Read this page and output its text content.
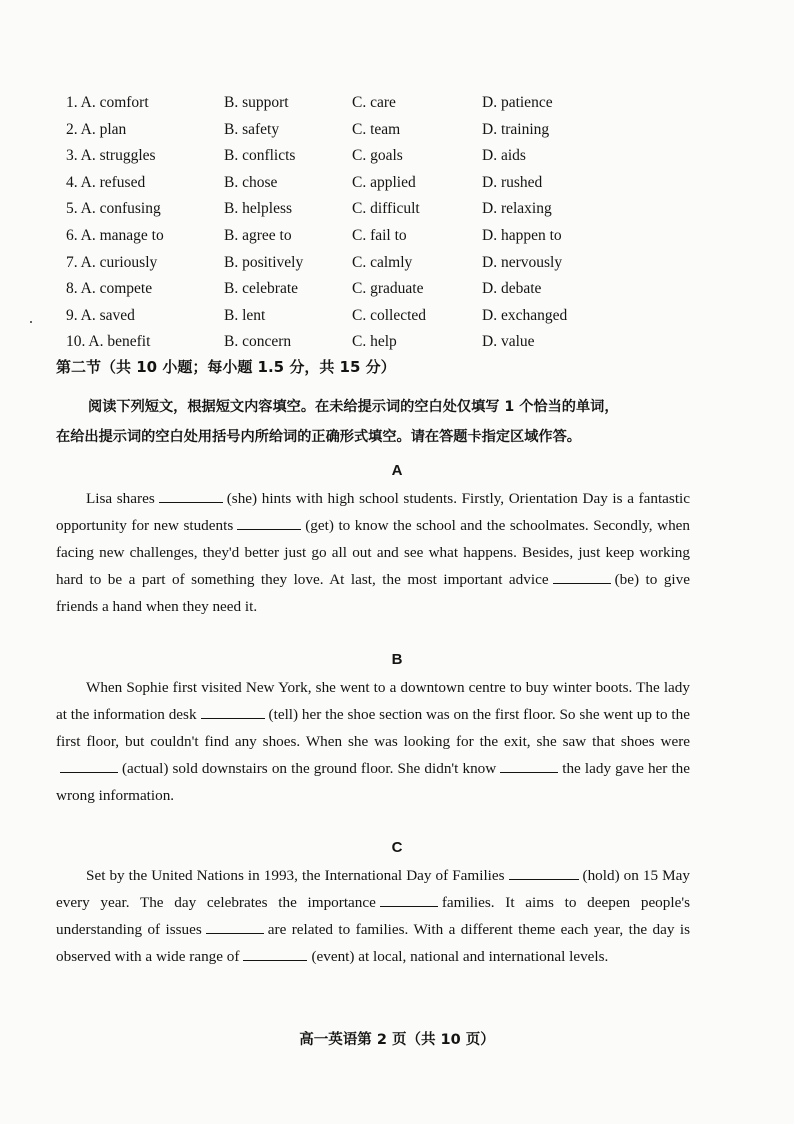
1. A. comfort	B. support	C. care	D. patience
2. A. plan	B. safety	C. team	D. training
3. A. struggles	B. conflicts	C. goals	D. aids
4. A. refused	B. chose	C. applied	D. rushed
5. A. confusing	B. helpless	C. difficult	D. relaxing
6. A. manage to	B. agree to	C. fail to	D. happen to
7. A. curiously	B. positively	C. calmly	D. nervously
8. A. compete	B. celebrate	C. graduate	D. debate
9. A. saved	B. lent	C. collected	D. exchanged
10. A. benefit	B. concern	C. help	D. value
第二节（共 10 小题；每小题 1.5 分，共 15 分）
阅读下列短文，根据短文内容填空。在未给提示词的空白处仅填写 1 个恰当的单词，
在给出提示词的空白处用括号内所给词的正确形式填空。请在答题卡指定区域作答。
A

Lisa shares	(she) hints with high school students. Firstly, Orientation Day is a fantastic opportunity for new students	(get) to know the school and the schoolmates. Secondly, when facing new challenges, they'd better just go all out and see what happens. Besides, just keep working hard to be a part of something they love. At last, the most important advice	(be) to give friends a hand when they need it.

B

When Sophie first visited New York, she went to a downtown centre to buy winter boots. The lady at the information desk	(tell) her the shoe section was on the first floor. So she went up to the first floor, but couldn't find any shoes. When she was looking for the exit, she saw that shoes were(actual) sold downstairs on the ground floor. She didn't know	the lady gave her the wrong information.

C

Set by the United Nations in 1993, the International Day of Families	(hold) on 15 May every year. The day celebrates the importance	families. It aims to deepen people's understanding of issues	are related to families. With a different theme each year, the day is observed with a wide range of	(event) at local, national and international levels.

高一英语第 2 页（共 10 页）
